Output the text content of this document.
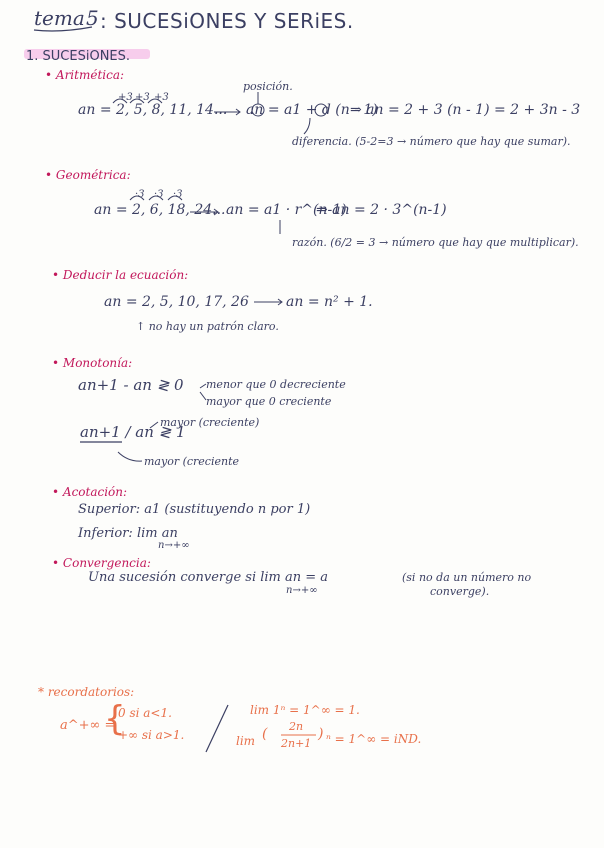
tema 5 : SUCESiONES Y SERiES.
1. SUCESiONES.
• Aritmética:
posición.
+3 +3 +3
an = 2, 5, 8, 11, 14... an = a1 + d (n - 1)
⇒ an = 2 + 3 (n - 1) = 2 + 3n - 3
diferencia. (5-2=3 → número que hay que sumar).
• Geométrica:
·3 ·3 ·3
an = 2, 6, 18, 24... an = a1 · r^(n-1)
⇒ an = 2 · 3^(n-1)
razón. (6/2 = 3 → número que hay que multiplicar).
• Deducir la ecuación:
an = 2, 5, 10, 17, 26	an = n² + 1.
↑ no hay un patrón claro.
• Monotonía:
an+1 - an ≷ 0 menor que 0 decreciente
mayor que 0 creciente
an+1 / an ≷ 1
mayor (creciente)
mayor (creciente
• Acotación:
Superior: a1 (sustituyendo n por 1)
Inferior: lim an
n→+∞
• Convergencia:
Una sucesión converge si lim an = a
n→+∞
(si no da un número no
converge).
* recordatorios:
a^+∞ =
{
0 si a<1.
+∞ si a>1.
lim 1ⁿ = 1^∞ = 1.
lim ( 2n
2n+1
) ⁿ = 1^∞ = iND.
